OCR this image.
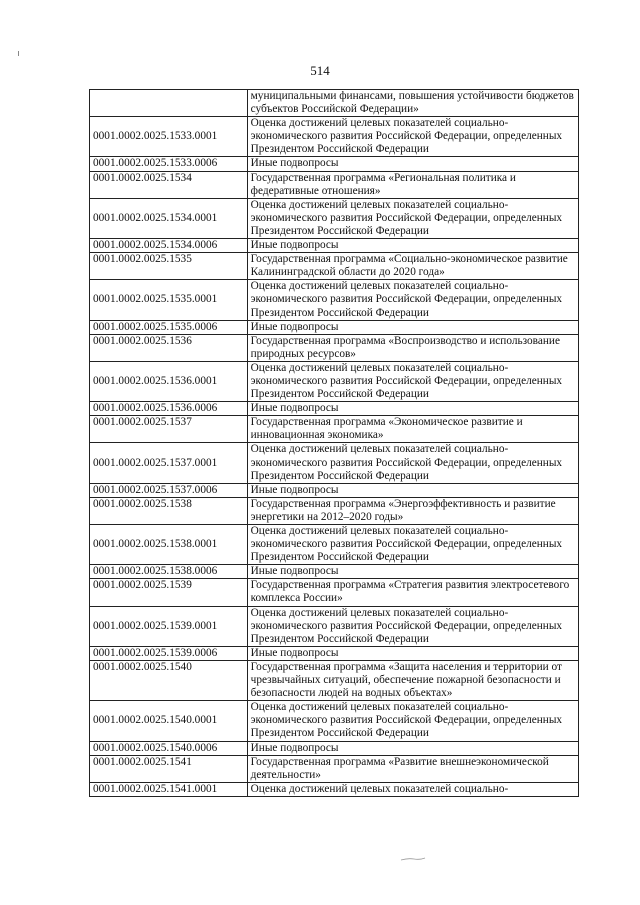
514
	муниципальными финансами, повышения устойчивости бюджетов субъектов Российской Федерации»
0001.0002.0025.1533.0001	Оценка достижений целевых показателей социально-экономического развития Российской Федерации, определенных Президентом Российской Федерации
0001.0002.0025.1533.0006	Иные подвопросы
0001.0002.0025.1534	Государственная программа «Региональная политика и федеративные отношения»
0001.0002.0025.1534.0001	Оценка достижений целевых показателей социально-экономического развития Российской Федерации, определенных Президентом Российской Федерации
0001.0002.0025.1534.0006	Иные подвопросы
0001.0002.0025.1535	Государственная программа «Социально-экономическое развитие Калининградской области до 2020 года»
0001.0002.0025.1535.0001	Оценка достижений целевых показателей социально-экономического развития Российской Федерации, определенных Президентом Российской Федерации
0001.0002.0025.1535.0006	Иные подвопросы
0001.0002.0025.1536	Государственная программа «Воспроизводство и использование природных ресурсов»
0001.0002.0025.1536.0001	Оценка достижений целевых показателей социально-экономического развития Российской Федерации, определенных Президентом Российской Федерации
0001.0002.0025.1536.0006	Иные подвопросы
0001.0002.0025.1537	Государственная программа «Экономическое развитие и инновационная экономика»
0001.0002.0025.1537.0001	Оценка достижений целевых показателей социально-экономического развития Российской Федерации, определенных Президентом Российской Федерации
0001.0002.0025.1537.0006	Иные подвопросы
0001.0002.0025.1538	Государственная программа «Энергоэффективность и развитие энергетики на 2012–2020 годы»
0001.0002.0025.1538.0001	Оценка достижений целевых показателей социально-экономического развития Российской Федерации, определенных Президентом Российской Федерации
0001.0002.0025.1538.0006	Иные подвопросы
0001.0002.0025.1539	Государственная программа «Стратегия развития электросетевого комплекса России»
0001.0002.0025.1539.0001	Оценка достижений целевых показателей социально-экономического развития Российской Федерации, определенных Президентом Российской Федерации
0001.0002.0025.1539.0006	Иные подвопросы
0001.0002.0025.1540	Государственная программа «Защита населения и территории от чрезвычайных ситуаций, обеспечение пожарной безопасности и безопасности людей на водных объектах»
0001.0002.0025.1540.0001	Оценка достижений целевых показателей социально-экономического развития Российской Федерации, определенных Президентом Российской Федерации
0001.0002.0025.1540.0006	Иные подвопросы
0001.0002.0025.1541	Государственная программа «Развитие внешнеэкономической деятельности»
0001.0002.0025.1541.0001	Оценка достижений целевых показателей социально-
